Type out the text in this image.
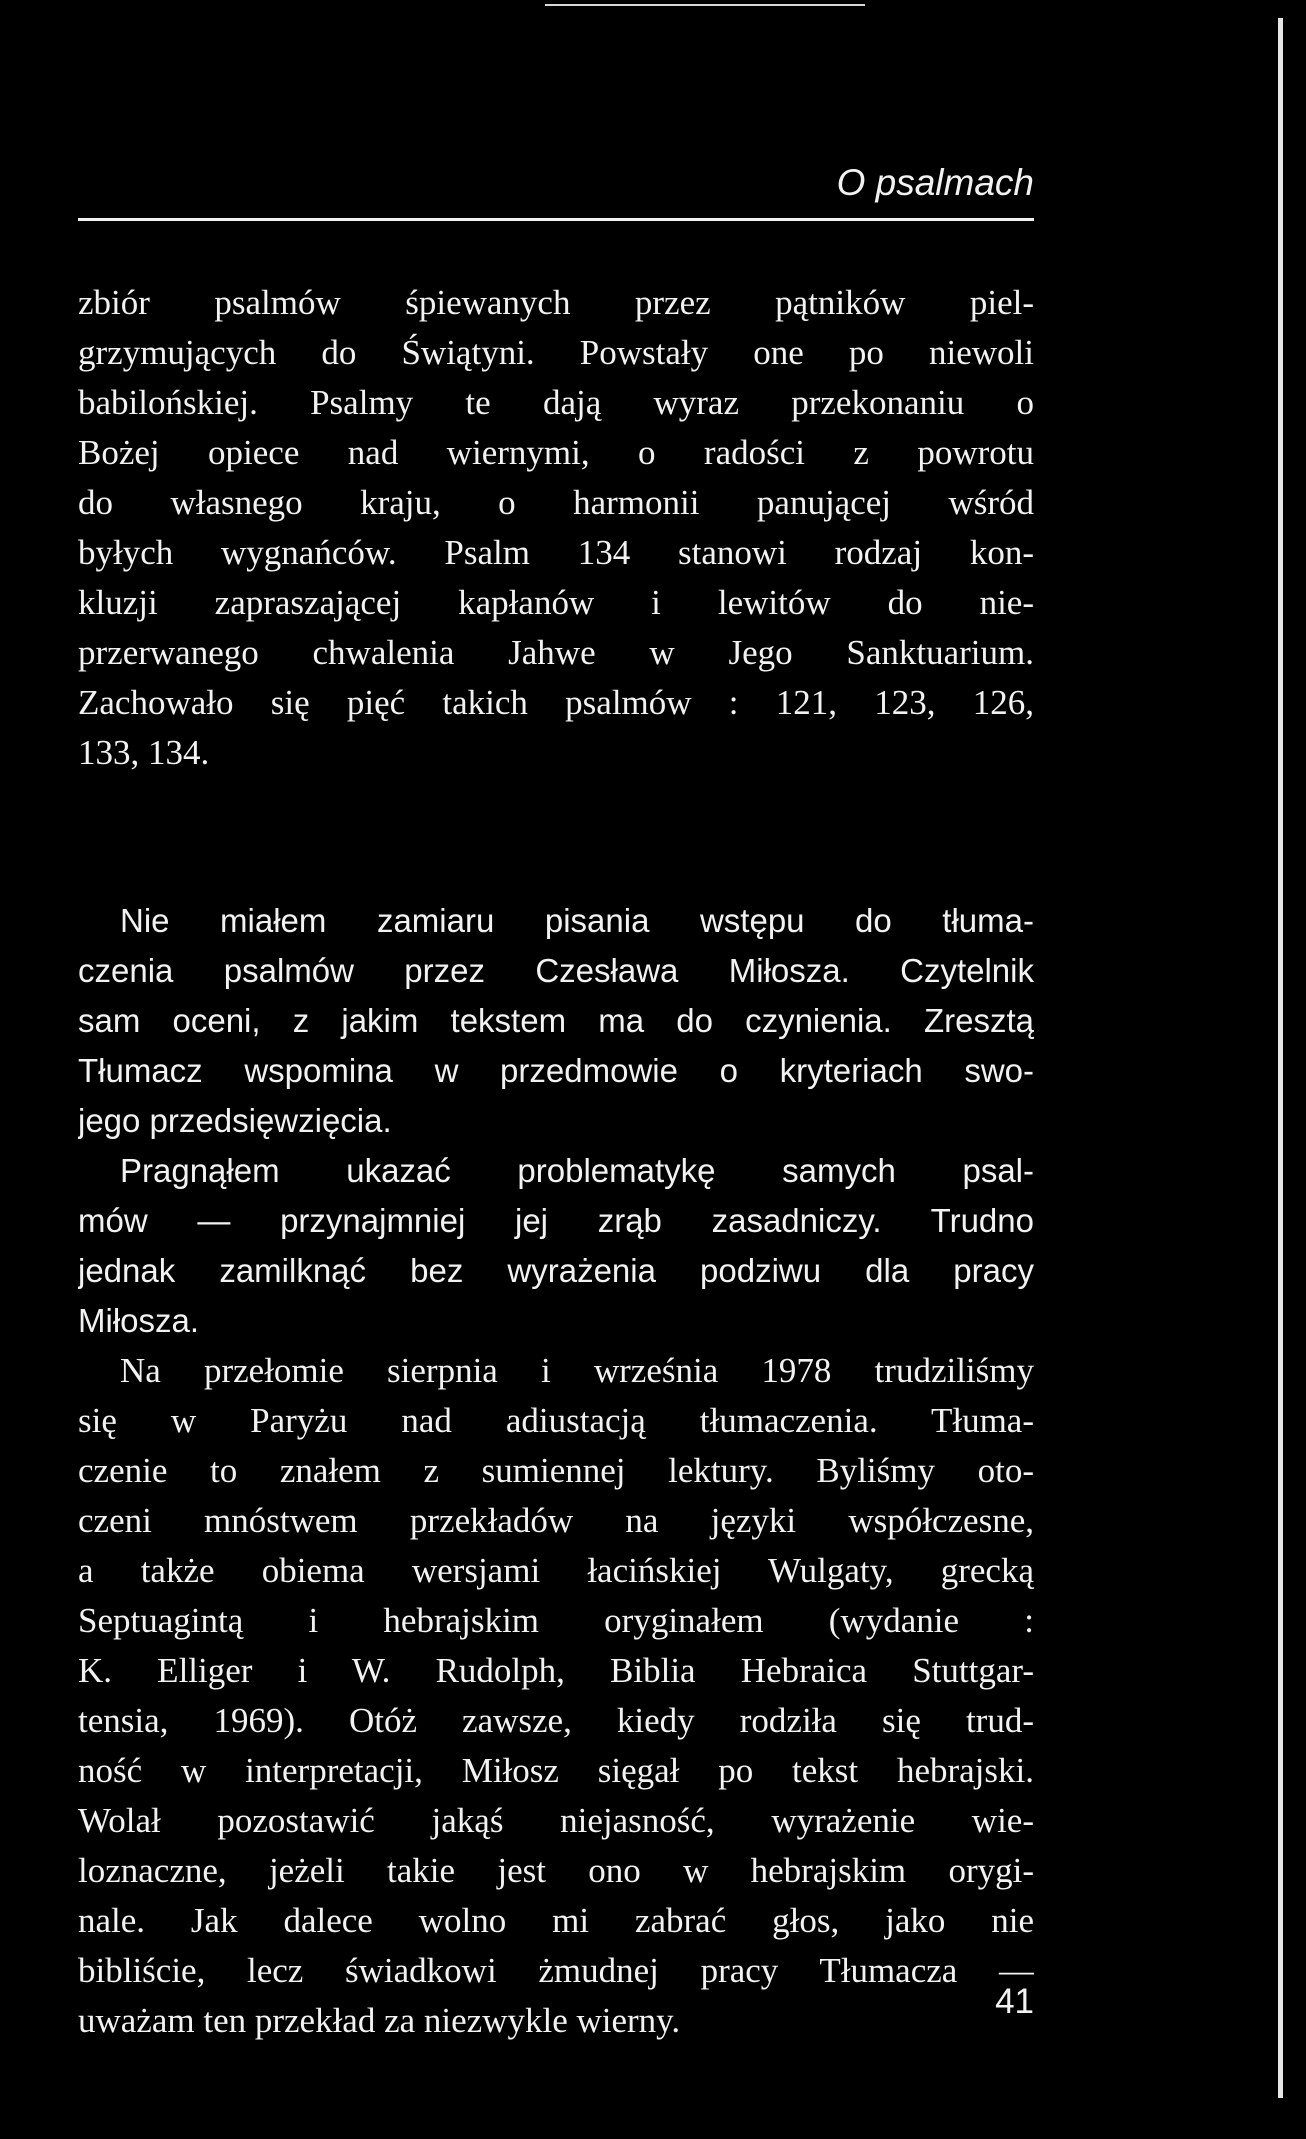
O psalmach
zbiór psalmów śpiewanych przez pątników piel-
grzymujących do Świątyni. Powstały one po niewoli
babilońskiej. Psalmy te dają wyraz przekonaniu o
Bożej opiece nad wiernymi, o radości z powrotu
do własnego kraju, o harmonii panującej wśród
byłych wygnańców. Psalm 134 stanowi rodzaj kon-
kluzji zapraszającej kapłanów i lewitów do nie-
przerwanego chwalenia Jahwe w Jego Sanktuarium.
Zachowało się pięć takich psalmów : 121, 123, 126,
133, 134.
Nie miałem zamiaru pisania wstępu do tłuma-
czenia psalmów przez Czesława Miłosza. Czytelnik
sam oceni, z jakim tekstem ma do czynienia. Zresztą
Tłumacz wspomina w przedmowie o kryteriach swo-
jego przedsięwzięcia.
Pragnąłem ukazać problematykę samych psal-
mów — przynajmniej jej zrąb zasadniczy. Trudno
jednak zamilknąć bez wyrażenia podziwu dla pracy
Miłosza.
Na przełomie sierpnia i września 1978 trudziliśmy
się w Paryżu nad adiustacją tłumaczenia. Tłuma-
czenie to znałem z sumiennej lektury. Byliśmy oto-
czeni mnóstwem przekładów na języki współczesne,
a także obiema wersjami łacińskiej Wulgaty, grecką
Septuagintą i hebrajskim oryginałem (wydanie :
K. Elliger i W. Rudolph, Biblia Hebraica Stuttgar-
tensia, 1969). Otóż zawsze, kiedy rodziła się trud-
ność w interpretacji, Miłosz sięgał po tekst hebrajski.
Wolał pozostawić jakąś niejasność, wyrażenie wie-
loznaczne, jeżeli takie jest ono w hebrajskim orygi-
nale. Jak dalece wolno mi zabrać głos, jako nie
bibliście, lecz świadkowi żmudnej pracy Tłumacza —
uważam ten przekład za niezwykle wierny.	41
